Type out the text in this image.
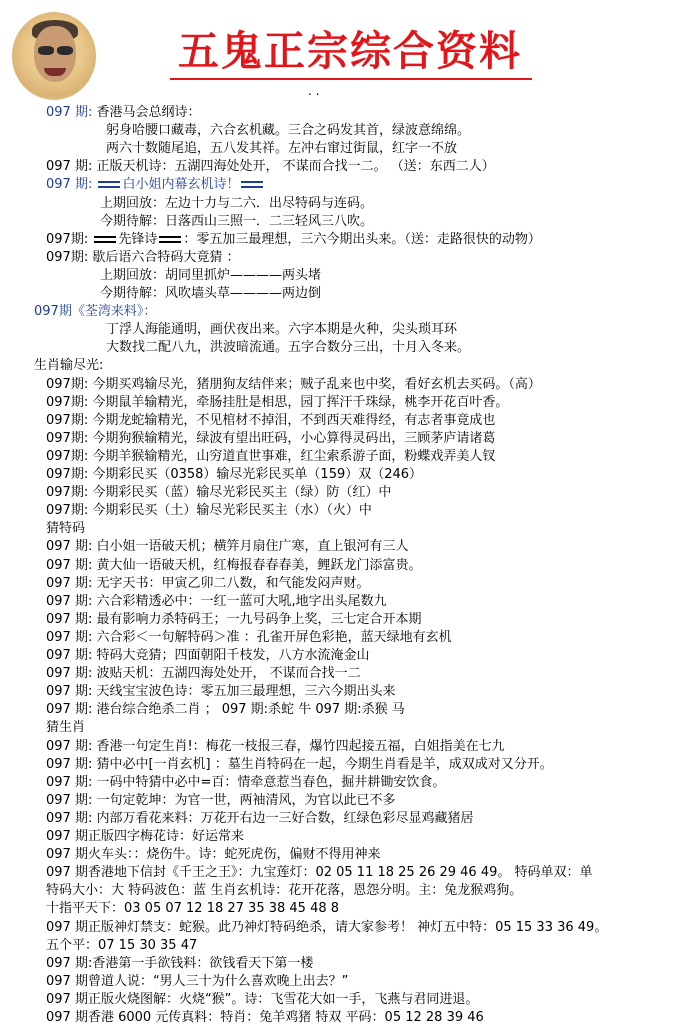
五鬼正宗综合资料
. .
097 期: 香港马会总纲诗：
躬身哈腰口藏毒，六合玄机藏。三合之码发其首，绿波意绵绵。
两六十数随尾追，五八发其祥。左冲右窜过街鼠，红字一不放
097 期: 正版天机诗：五湖四海处处开， 不谋而合找一二。 （送：东西二人）
097 期: 白小姐内幕玄机诗！
上期回放：左边十力与二六．出尽特码与连码。
今期待解：日落西山三照一．二三轻风三八吹。
097期: 先锋诗 ：零五加三最理想，三六今期出头来。（送：走路很快的动物）
097期: 歇后语六合特码大竟猜 ：
上期回放：胡同里抓炉————两头堵
今期待解：风吹墙头草————两边倒
097期《荃湾来料》：
丁浮人海能通明，画伏夜出来。六字本期是火种，尖头琐耳环
大数找二配八九，洪波暗流通。五字合数分三出，十月入冬来。
生肖输尽光:
097期: 今期买鸡输尽光，猪朋狗友结伴来；贼子乱来也中奖，看好玄机去买码。（高）
097期: 今期鼠羊输精光，牵肠挂肚是相思，园丁挥汗千珠绿，桃李开花百叶香。
097期: 今期龙蛇输精光，不见棺材不掉泪，不到西天难得经，有志者事竟成也
097期: 今期狗猴输精光，绿波有望出旺码，小心算得灵码出，三顾茅庐请诸葛
097期: 今期羊猴输精光，山穷道直世事难，红尘索系游子面，粉蝶戏弄美人钗
097期: 今期彩民买（0358）输尽光彩民买单（159）双（246）
097期: 今期彩民买（蓝）输尽光彩民买主（绿）防（红）中
097期: 今期彩民买（土）输尽光彩民买主（水）（火）中
猜特码
097 期: 白小姐一语破天机；横笄月扇住广寒，直上银河有三人
097 期: 黄大仙一语破天机，红梅报春春春美，鲤跃龙门添富贵。
097 期: 无字天书：甲寅乙卯二八数，和气能发闷声财。
097 期: 六合彩精透必中：一红一蓝可大吼,地字出头尾数九
097 期: 最有影响力杀特码王；一九号码争上奖，三七定合开本期
097 期: 六合彩＜一句解特码＞准 ：孔雀开屏色彩艳，蓝天绿地有玄机
097 期: 特码大竞猜；四面朝阳千枝发，八方水流淹金山
097 期: 波贴天机：五湖四海处处开， 不谋而合找一二
097 期: 天线宝宝波色诗：零五加三最理想，三六今期出头来
097 期: 港台综合绝杀二肖 ； 097 期:杀蛇 牛 097 期:杀猴 马
猜生肖
097 期: 香港一句定生肖!：梅花一枝报三春，爆竹四起接五福，白姐指美在七九
097 期: 猜中必中[一肖玄机] ：墓生肖特码在一起，今期生肖看是羊，成双成对又分开。
097 期: 一码中特猜中必中=百：情牵意惹当春色，掘井耕锄安饮食。
097 期: 一句定乾坤：为官一世，两袖清风，为官以此已不多
097 期: 内部万看花来料：万花开右边一三好合数，红绿色彩尽显鸡藏猪居
097 期正版四字梅花诗：好运常来
097 期火车头：：烧伤牛。诗：蛇死虎伤，偏财不得用神来
097 期香港地下信封《千王之王》：九宝莲灯：02 05 11 18 25 26 29 46 49。 特码单双：单
特码大小：大 特码波色：蓝 生肖玄机诗：花开花落，恩怨分明。主：兔龙猴鸡狗。
十指平天下：03 05 07 12 18 27 35 38 45 48 8
097 期正版神灯禁支：蛇猴。此乃神灯特码绝杀，请大家参考！ 神灯五中特：05 15 33 36 49。
五个平：07 15 30 35 47
097 期:香港第一手欲钱料：欲钱看天下第一楼
097 期曾道人说：“男人三十为什么喜欢晚上出去？”
097 期正版火烧图解：火烧“猴”。诗：飞雪花大如一手，飞燕与君同进退。
097 期香港 6000 元传真料：特肖：兔羊鸡猪 特双 平码：05 12 28 39 46
